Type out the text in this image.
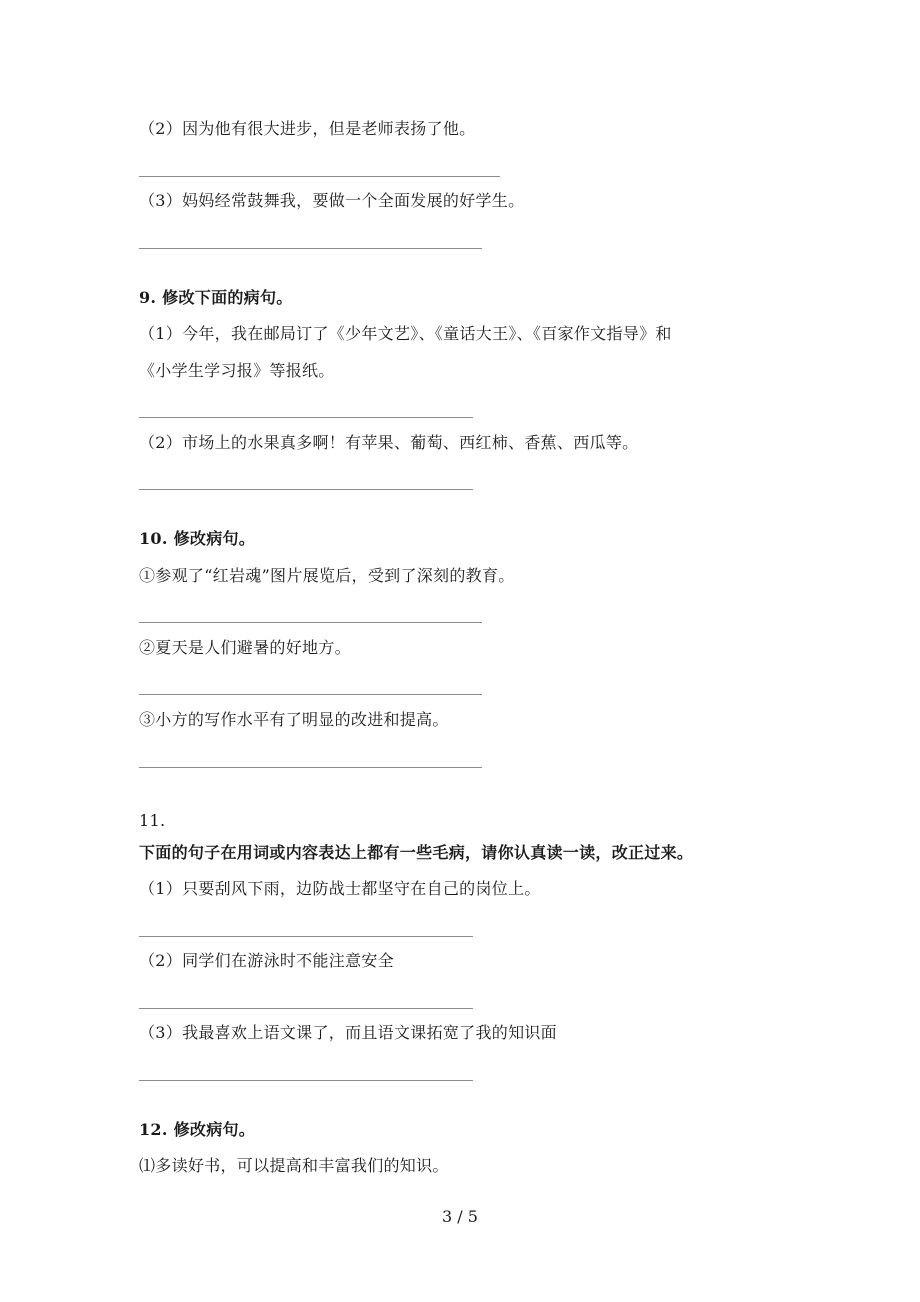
（2）因为他有很大进步，但是老师表扬了他。
（3）妈妈经常鼓舞我，要做一个全面发展的好学生。
9. 修改下面的病句。
（1）今年，我在邮局订了《少年文艺》、《童话大王》、《百家作文指导》和
《小学生学习报》等报纸。
（2）市场上的水果真多啊！有苹果、葡萄、西红柿、香蕉、西瓜等。
10. 修改病句。
①参观了“红岩魂”图片展览后，受到了深刻的教育。
②夏天是人们避暑的好地方。
③小方的写作水平有了明显的改进和提高。
11.
下面的句子在用词或内容表达上都有一些毛病，请你认真读一读，改正过来。
（1）只要刮风下雨，边防战士都坚守在自己的岗位上。
（2）同学们在游泳时不能注意安全
（3）我最喜欢上语文课了，而且语文课拓宽了我的知识面
12. 修改病句。
⑴多读好书，可以提高和丰富我们的知识。
3 / 5
